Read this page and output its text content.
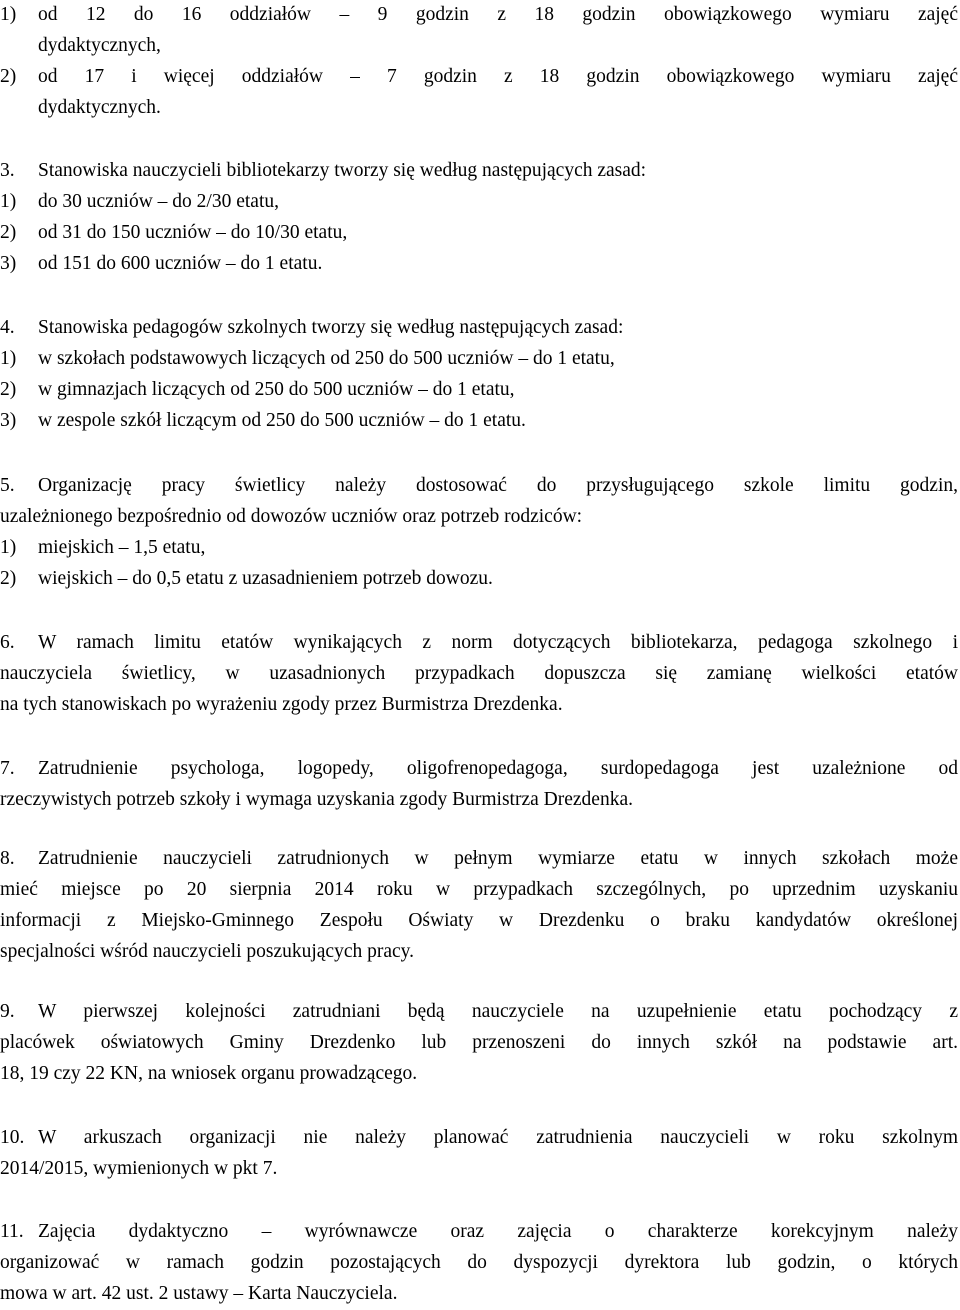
1)	od 12 do 16 oddziałów – 9 godzin z 18 godzin obowiązkowego wymiaru zajęć
dydaktycznych,
2)	od 17 i więcej oddziałów – 7 godzin z 18 godzin obowiązkowego wymiaru zajęć
dydaktycznych.
3.	Stanowiska nauczycieli bibliotekarzy tworzy się według następujących zasad:
1)	do 30 uczniów – do 2/30 etatu,
2)	od 31 do 150 uczniów – do 10/30 etatu,
3)	od 151 do 600 uczniów – do 1 etatu.
4.	Stanowiska pedagogów szkolnych tworzy się według następujących zasad:
1)	w szkołach podstawowych liczących od 250 do 500 uczniów – do 1 etatu,
2)	w gimnazjach liczących od 250 do 500 uczniów – do 1 etatu,
3)	w zespole szkół liczącym od 250 do 500 uczniów – do 1 etatu.
5.	Organizację pracy świetlicy należy dostosować do przysługującego szkole limitu godzin,
uzależnionego bezpośrednio od dowozów uczniów oraz potrzeb rodziców:
1)	miejskich – 1,5 etatu,
2)	wiejskich – do 0,5 etatu z uzasadnieniem potrzeb dowozu.
6.	W ramach limitu etatów wynikających z norm dotyczących bibliotekarza, pedagoga szkolnego i
nauczyciela świetlicy, w uzasadnionych przypadkach dopuszcza się zamianę wielkości etatów
na tych stanowiskach po wyrażeniu zgody przez Burmistrza Drezdenka.
7.	Zatrudnienie psychologa, logopedy, oligofrenopedagoga, surdopedagoga jest uzależnione od
rzeczywistych potrzeb szkoły i wymaga uzyskania zgody Burmistrza Drezdenka.
8.	Zatrudnienie nauczycieli zatrudnionych w pełnym wymiarze etatu w innych szkołach może
mieć miejsce po 20 sierpnia 2014 roku w przypadkach szczególnych, po uprzednim uzyskaniu
informacji z Miejsko-Gminnego Zespołu Oświaty w Drezdenku o braku kandydatów określonej
specjalności wśród nauczycieli poszukujących pracy.
9.	W pierwszej kolejności zatrudniani będą nauczyciele na uzupełnienie etatu pochodzący z
placówek oświatowych Gminy Drezdenko lub przenoszeni do innych szkół na podstawie art.
18, 19 czy 22 KN, na wniosek organu prowadzącego.
10. W arkuszach organizacji nie należy planować zatrudnienia nauczycieli w roku szkolnym
2014/2015, wymienionych w pkt 7.
11. Zajęcia dydaktyczno – wyrównawcze oraz zajęcia o charakterze korekcyjnym należy
organizować w ramach godzin pozostających do dyspozycji dyrektora lub godzin, o których
mowa w art. 42 ust. 2 ustawy – Karta Nauczyciela.
